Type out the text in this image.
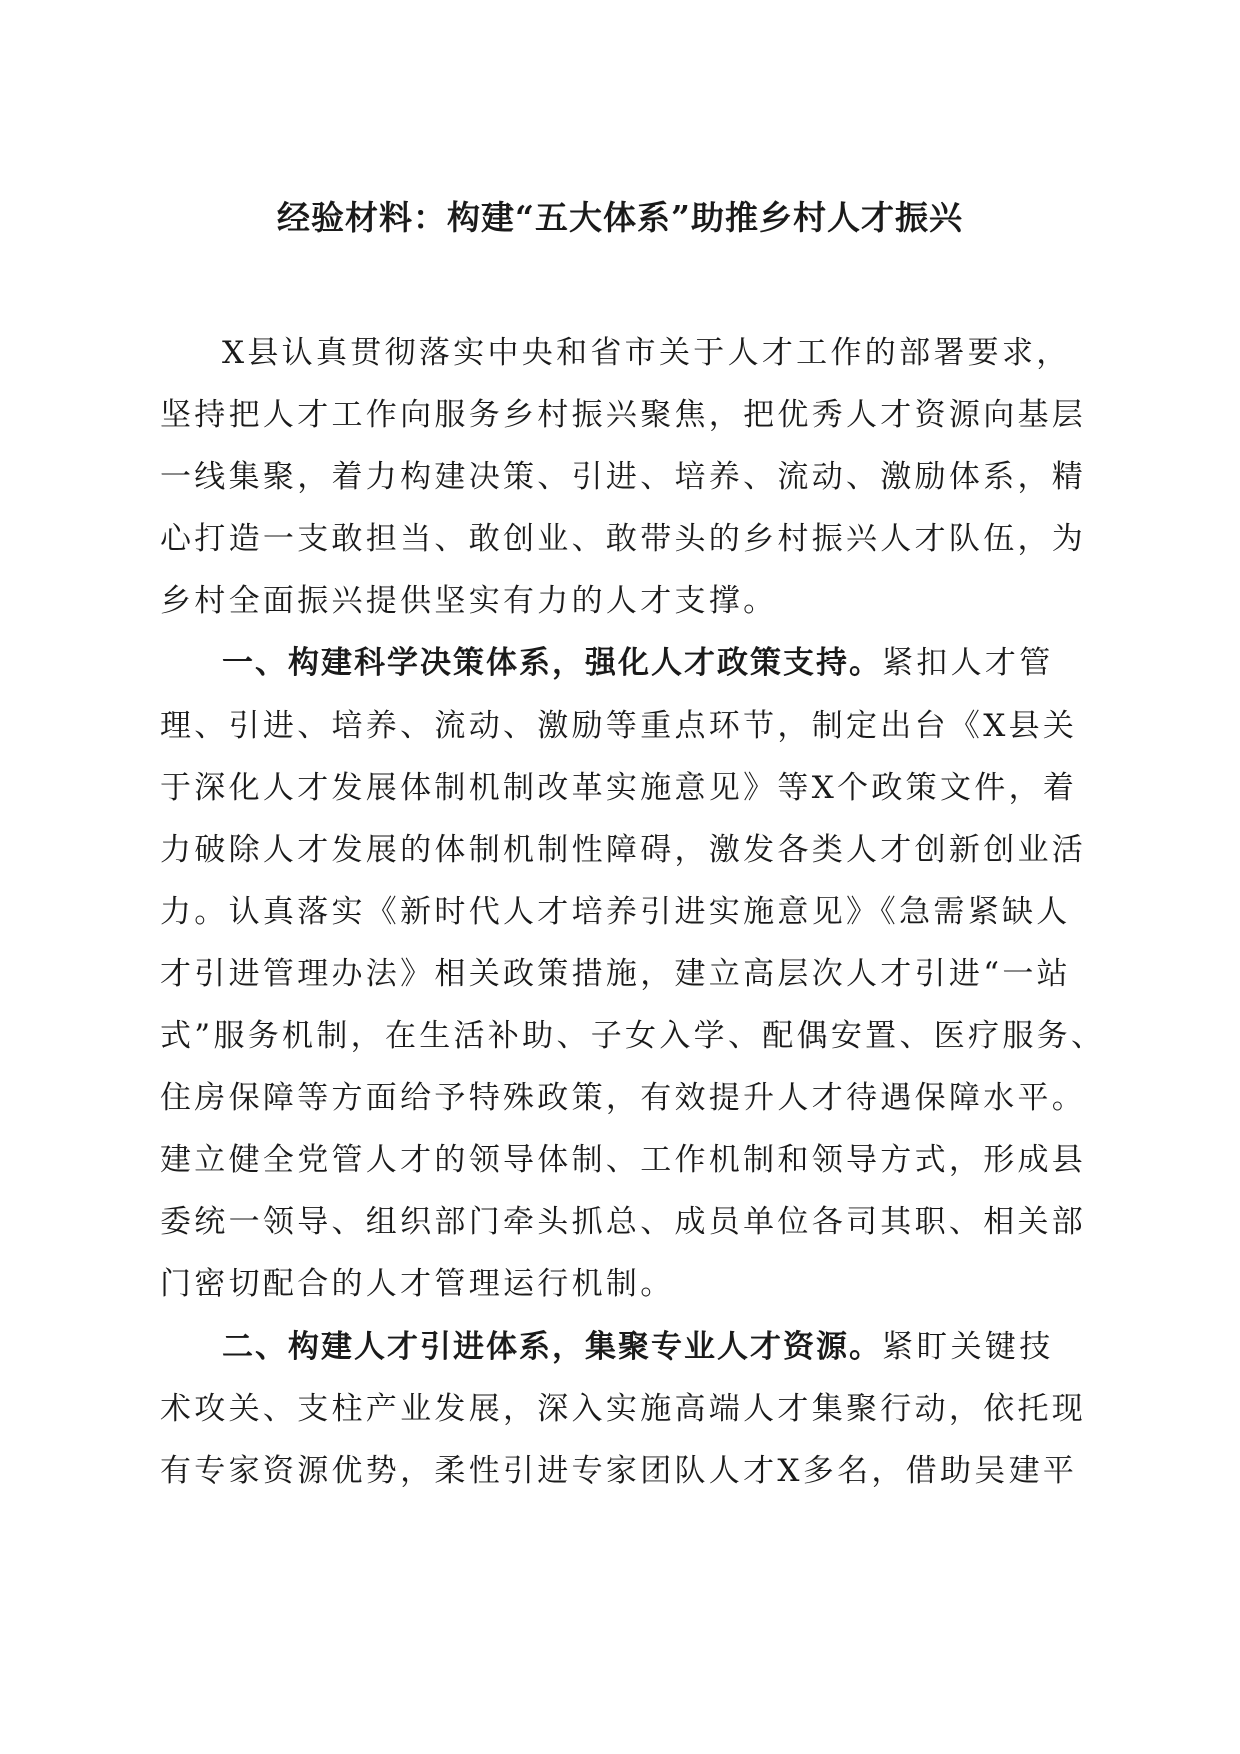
经验材料：构建“五大体系”助推乡村人才振兴
X县认真贯彻落实中央和省市关于人才工作的部署要求，
坚持把人才工作向服务乡村振兴聚焦，把优秀人才资源向基层
一线集聚，着力构建决策、引进、培养、流动、激励体系，精
心打造一支敢担当、敢创业、敢带头的乡村振兴人才队伍，为
乡村全面振兴提供坚实有力的人才支撑。
一、构建科学决策体系，强化人才政策支持。紧扣人才管
理、引进、培养、流动、激励等重点环节，制定出台《X县关
于深化人才发展体制机制改革实施意见》等X个政策文件，着
力破除人才发展的体制机制性障碍，激发各类人才创新创业活
力。认真落实《新时代人才培养引进实施意见》《急需紧缺人
才引进管理办法》相关政策措施，建立高层次人才引进“一站
式”服务机制，在生活补助、子女入学、配偶安置、医疗服务、
住房保障等方面给予特殊政策，有效提升人才待遇保障水平。
建立健全党管人才的领导体制、工作机制和领导方式，形成县
委统一领导、组织部门牵头抓总、成员单位各司其职、相关部
门密切配合的人才管理运行机制。
二、构建人才引进体系，集聚专业人才资源。紧盯关键技
术攻关、支柱产业发展，深入实施高端人才集聚行动，依托现
有专家资源优势，柔性引进专家团队人才X多名，借助吴建平
